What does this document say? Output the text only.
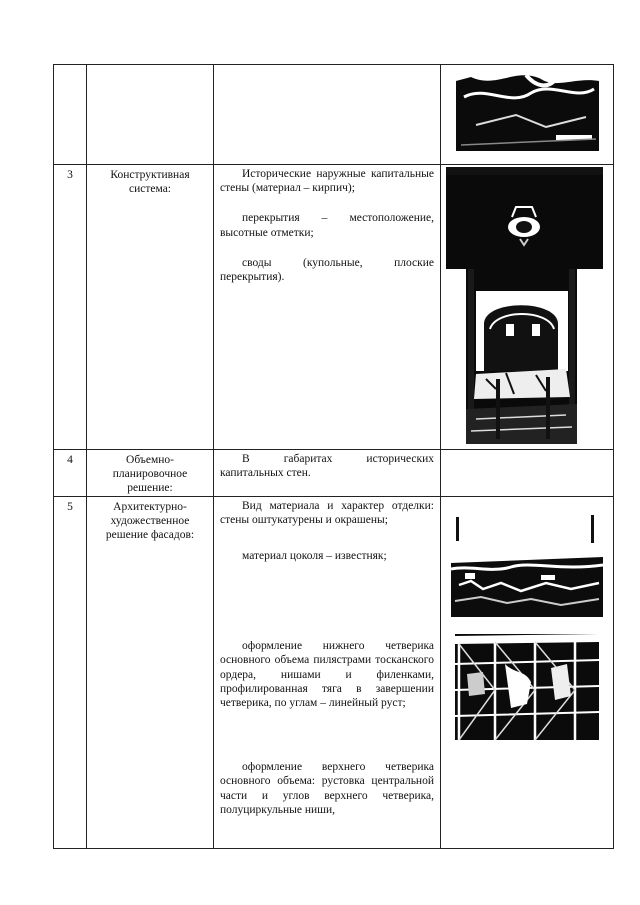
3	Конструктивная система:	Исторические наружные капитальные стены (материал – кирпич);

перекрытия – местоположение, высотные отметки;

своды (купольные, плоские перекрытия).

4	Объемно-планировочное решение:	В габаритах исторических капитальных стен.	

5	Архитектурно-художественное решение фасадов:	Вид материала и характер отделки: стены оштукатурены и окрашены;

материал цоколя – известняк;

оформление нижнего четверика основного объема пилястрами тосканского ордера, нишами и филенками, профилированная тяга в завершении четверика, по углам – линейный руст;

оформление верхнего четверика основного объема: рустовка центральной части и углов верхнего четверика, полуциркульные ниши,
